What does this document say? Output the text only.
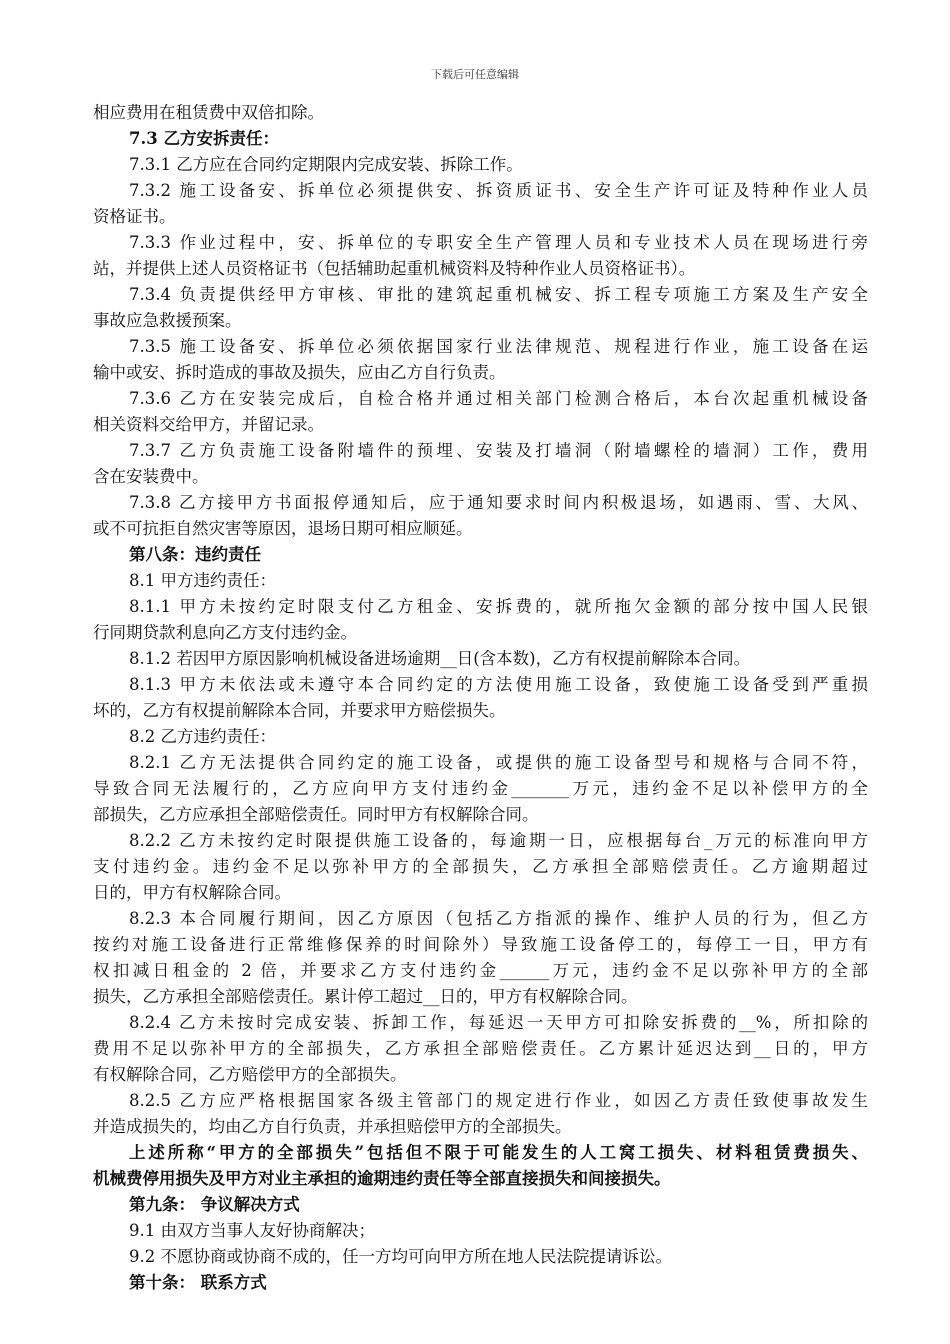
下载后可任意编辑
相应费用在租赁费中双倍扣除。
7.3 乙方安拆责任：
7.3.1 乙方应在合同约定期限内完成安装、拆除工作。
7.3.2 施工设备安、拆单位必须提供安、拆资质证书、安全生产许可证及特种作业人员
资格证书。
7.3.3 作业过程中，安、拆单位的专职安全生产管理人员和专业技术人员在现场进行旁
站，并提供上述人员资格证书（包括辅助起重机械资料及特种作业人员资格证书）。
7.3.4 负责提供经甲方审核、审批的建筑起重机械安、拆工程专项施工方案及生产安全
事故应急救援预案。
7.3.5 施工设备安、拆单位必须依据国家行业法律规范、规程进行作业，施工设备在运
输中或安、拆时造成的事故及损失，应由乙方自行负责。
7.3.6 乙方在安装完成后，自检合格并通过相关部门检测合格后，本台次起重机械设备
相关资料交给甲方，并留记录。
7.3.7 乙方负责施工设备附墙件的预埋、安装及打墙洞（附墙螺栓的墙洞）工作，费用
含在安装费中。
7.3.8 乙方接甲方书面报停通知后，应于通知要求时间内积极退场，如遇雨、雪、大风、
或不可抗拒自然灾害等原因，退场日期可相应顺延。
第八条：违约责任
8.1 甲方违约责任：
8.1.1 甲方未按约定时限支付乙方租金、安拆费的，就所拖欠金额的部分按中国人民银
行同期贷款利息向乙方支付违约金。
8.1.2 若因甲方原因影响机械设备进场逾期__日(含本数)，乙方有权提前解除本合同。
8.1.3 甲方未依法或未遵守本合同约定的方法使用施工设备，致使施工设备受到严重损
坏的，乙方有权提前解除本合同，并要求甲方赔偿损失。
8.2 乙方违约责任：
8.2.1 乙方无法提供合同约定的施工设备，或提供的施工设备型号和规格与合同不符，
导致合同无法履行的，乙方应向甲方支付违约金_______万元，违约金不足以补偿甲方的全
部损失，乙方应承担全部赔偿责任。同时甲方有权解除合同。
8.2.2 乙方未按约定时限提供施工设备的，每逾期一日，应根据每台_万元的标准向甲方
支付违约金。违约金不足以弥补甲方的全部损失，乙方承担全部赔偿责任。乙方逾期超过
日的，甲方有权解除合同。
8.2.3 本合同履行期间，因乙方原因（包括乙方指派的操作、维护人员的行为，但乙方
按约对施工设备进行正常维修保养的时间除外）导致施工设备停工的，每停工一日，甲方有
权扣减日租金的 2 倍，并要求乙方支付违约金______万元，违约金不足以弥补甲方的全部
损失，乙方承担全部赔偿责任。累计停工超过__日的，甲方有权解除合同。
8.2.4 乙方未按时完成安装、拆卸工作，每延迟一天甲方可扣除安拆费的__%，所扣除的
费用不足以弥补甲方的全部损失，乙方承担全部赔偿责任。乙方累计延迟达到__日的，甲方
有权解除合同，乙方赔偿甲方的全部损失。
8.2.5 乙方应严格根据国家各级主管部门的规定进行作业，如因乙方责任致使事故发生
并造成损失的，均由乙方自行负责，并承担赔偿甲方的全部损失。
上述所称“甲方的全部损失”包括但不限于可能发生的人工窝工损失、材料租赁费损失、
机械费停用损失及甲方对业主承担的逾期违约责任等全部直接损失和间接损失。
第九条： 争议解决方式
9.1 由双方当事人友好协商解决；
9.2 不愿协商或协商不成的，任一方均可向甲方所在地人民法院提请诉讼。
第十条： 联系方式
